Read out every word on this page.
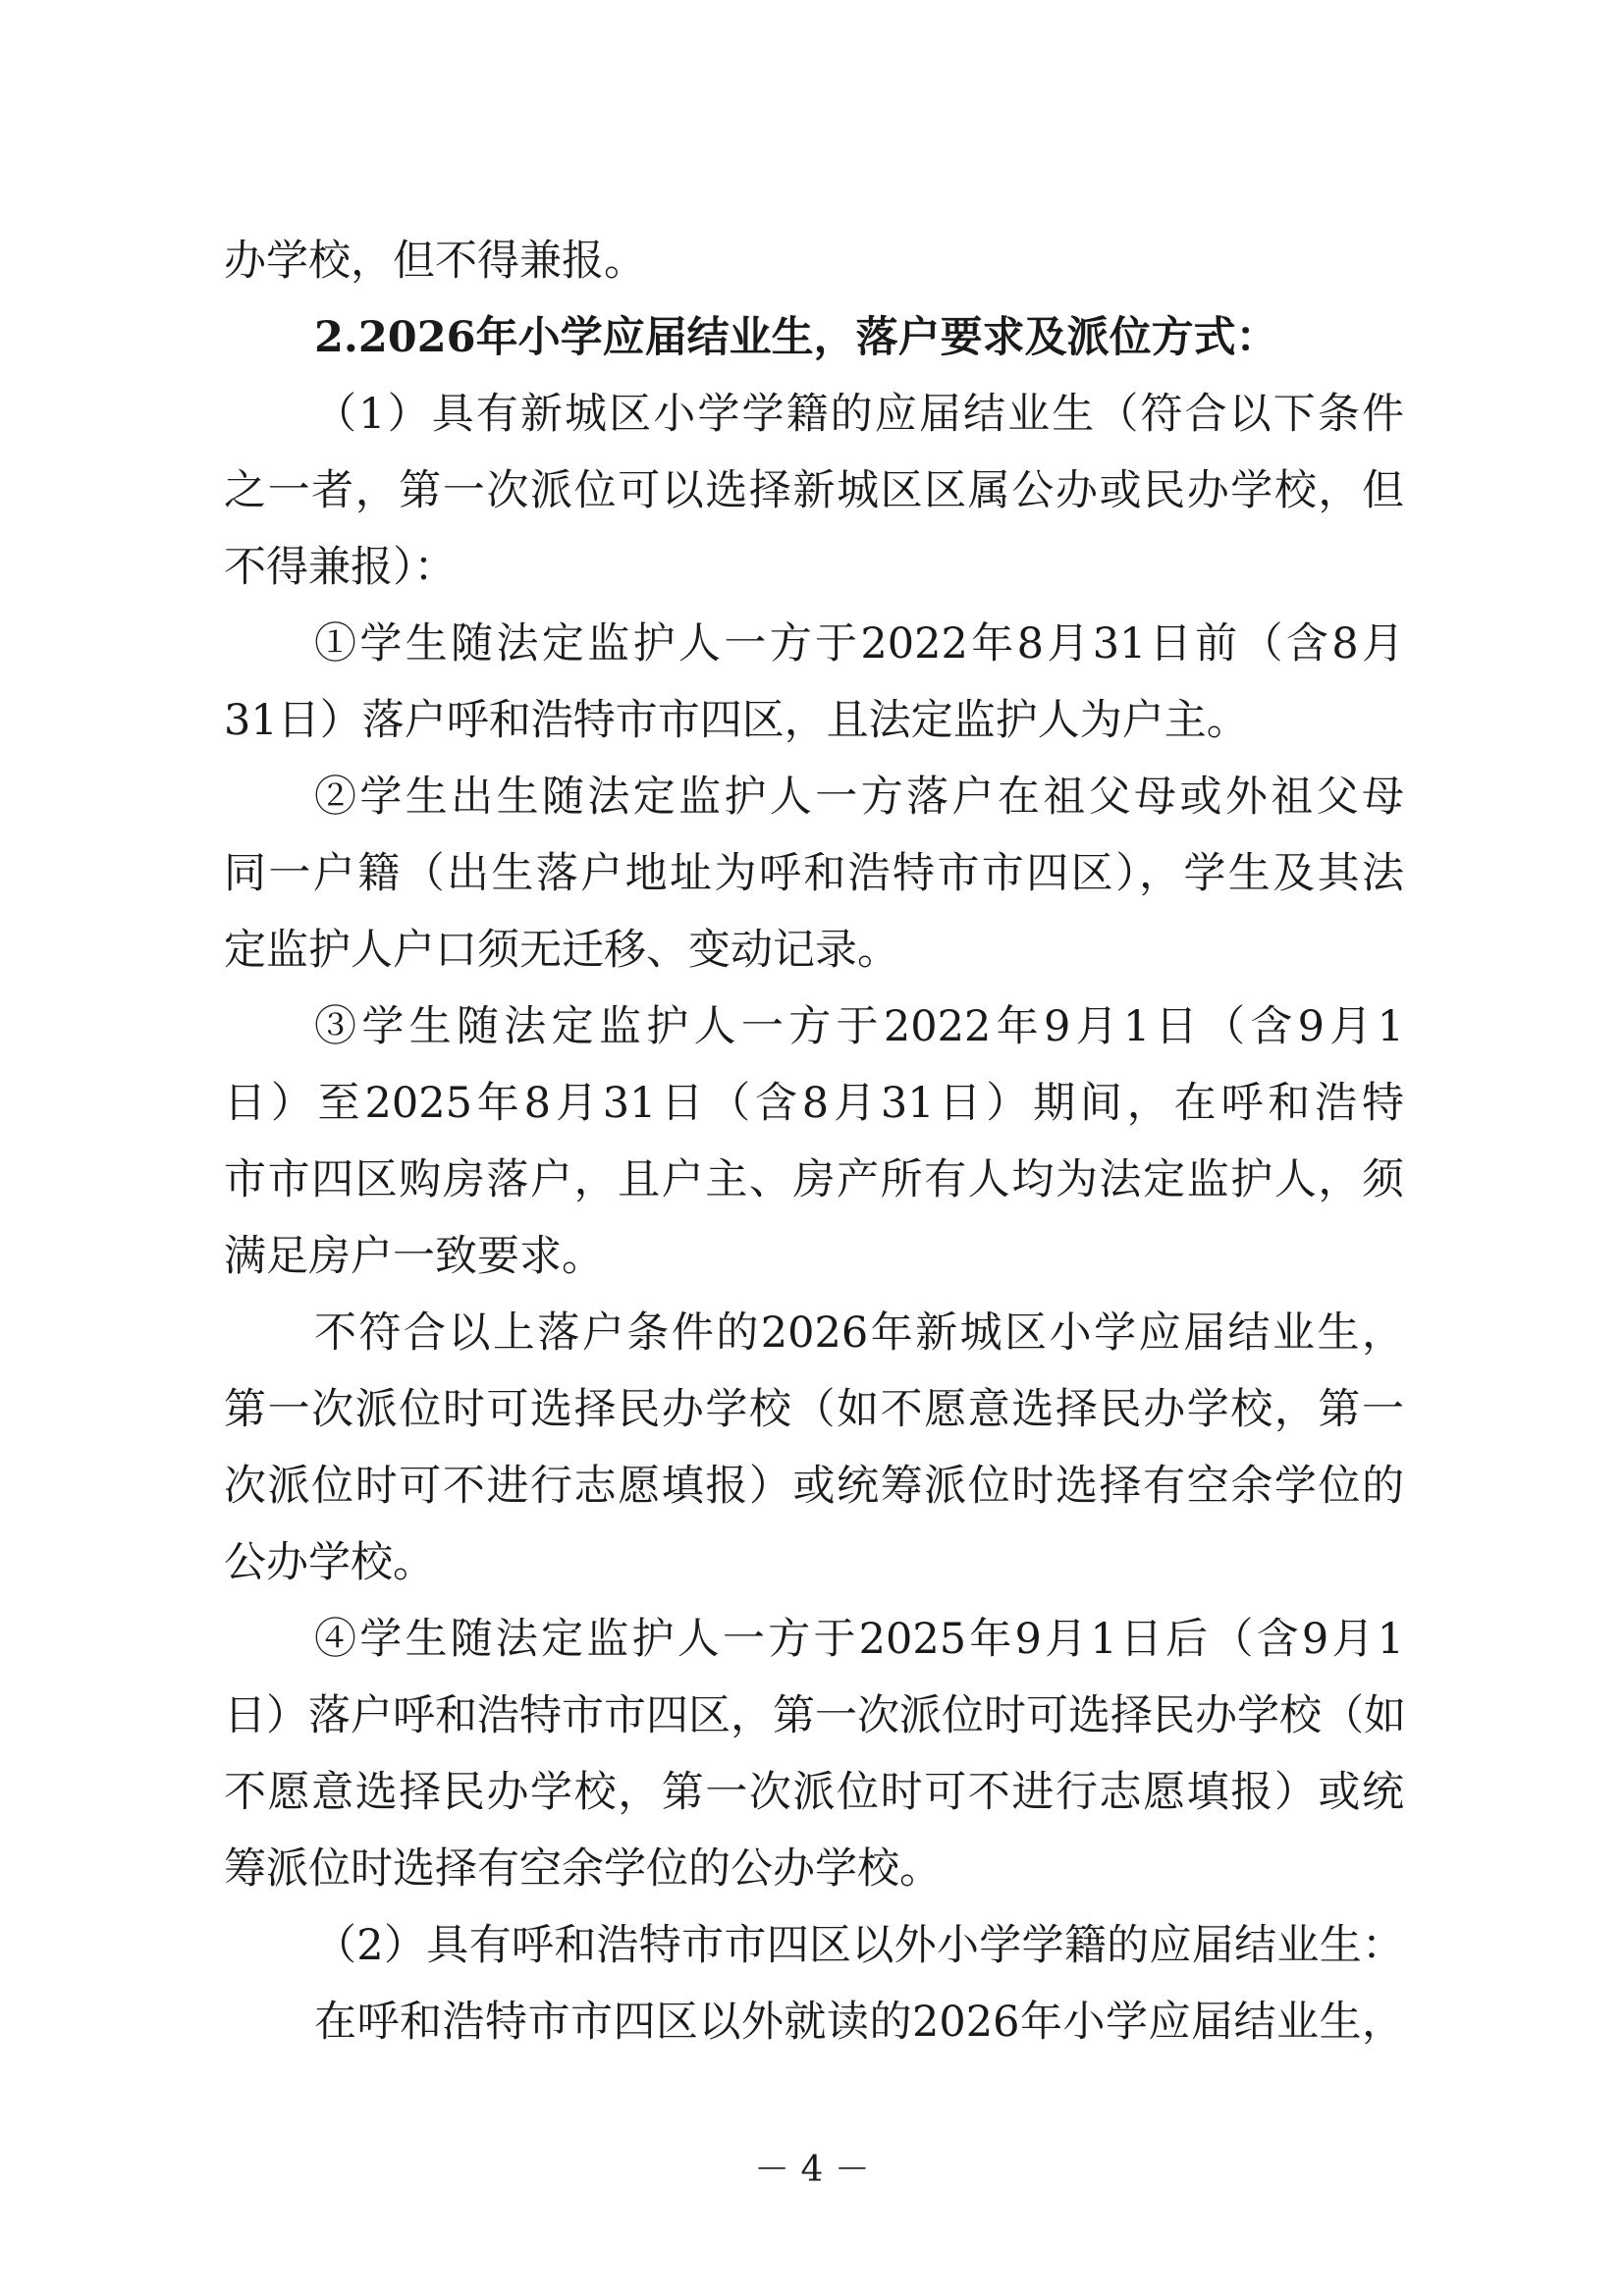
办学校，但不得兼报。
2.2026年小学应届结业生，落户要求及派位方式：
（1）具有新城区小学学籍的应届结业生（符合以下条件
之一者，第一次派位可以选择新城区区属公办或民办学校，但
不得兼报）：
①学生随法定监护人一方于2022年8月31日前（含8月
31日）落户呼和浩特市市四区，且法定监护人为户主。
②学生出生随法定监护人一方落户在祖父母或外祖父母
同一户籍（出生落户地址为呼和浩特市市四区），学生及其法
定监护人户口须无迁移、变动记录。
③学生随法定监护人一方于2022年9月1日（含9月1
日）至2025年8月31日（含8月31日）期间，在呼和浩特
市市四区购房落户，且户主、房产所有人均为法定监护人，须
满足房户一致要求。
不符合以上落户条件的2026年新城区小学应届结业生，
第一次派位时可选择民办学校（如不愿意选择民办学校，第一
次派位时可不进行志愿填报）或统筹派位时选择有空余学位的
公办学校。
④学生随法定监护人一方于2025年9月1日后（含9月1
日）落户呼和浩特市市四区，第一次派位时可选择民办学校（如
不愿意选择民办学校，第一次派位时可不进行志愿填报）或统
筹派位时选择有空余学位的公办学校。
（2）具有呼和浩特市市四区以外小学学籍的应届结业生：
在呼和浩特市市四区以外就读的2026年小学应届结业生，
－ 4 －
